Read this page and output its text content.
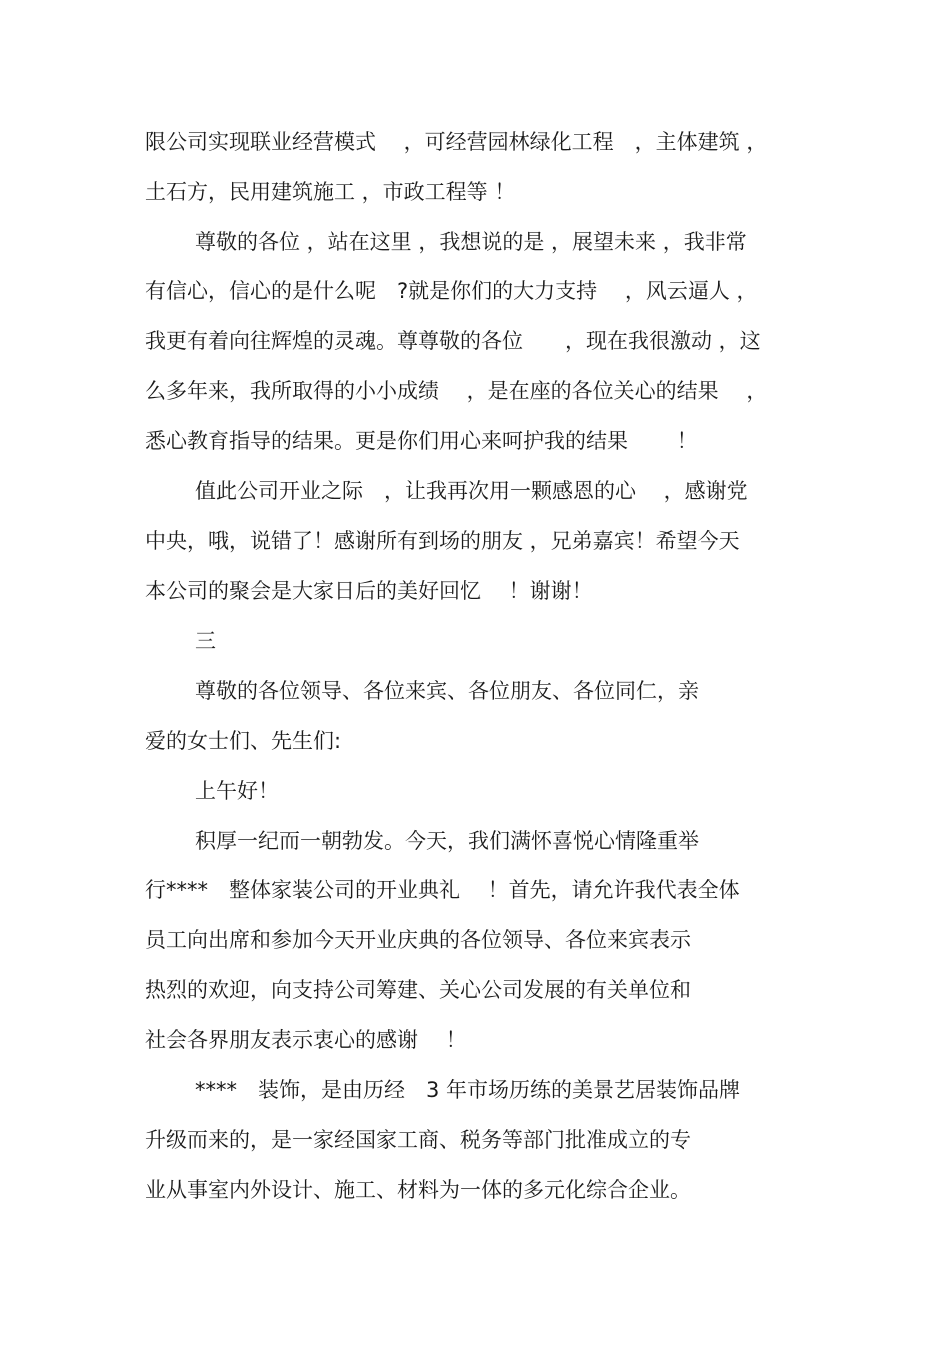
限公司实现联业经营模式　 ，可经营园林绿化工程　，主体建筑 ，
土石方，民用建筑施工 ，市政工程等 ！
尊敬的各位 ，站在这里 ，我想说的是 ，展望未来 ，我非常
有信心，信心的是什么呢　?就是你们的大力支持　 ，风云逼人 ，
我更有着向往辉煌的灵魂。尊尊敬的各位　　，现在我很激动 ，这
么多年来，我所取得的小小成绩　 ，是在座的各位关心的结果　 ，
悉心教育指导的结果。更是你们用心来呵护我的结果　　 ！
值此公司开业之际　，让我再次用一颗感恩的心　 ，感谢党
中央，哦，说错了！感谢所有到场的朋友 ，兄弟嘉宾！希望今天
本公司的聚会是大家日后的美好回忆　 ！谢谢！
三
尊敬的各位领导、各位来宾、各位朋友、各位同仁，亲
爱的女士们、先生们:
上午好！
积厚一纪而一朝勃发。今天，我们满怀喜悦心情隆重举
行****　整体家装公司的开业典礼　 ！首先，请允许我代表全体
员工向出席和参加今天开业庆典的各位领导、各位来宾表示
热烈的欢迎，向支持公司筹建、关心公司发展的有关单位和
社会各界朋友表示衷心的感谢　 ！
****　装饰，是由历经　3 年市场历练的美景艺居装饰品牌
升级而来的，是一家经国家工商、税务等部门批准成立的专
业从事室内外设计、施工、材料为一体的多元化综合企业。
